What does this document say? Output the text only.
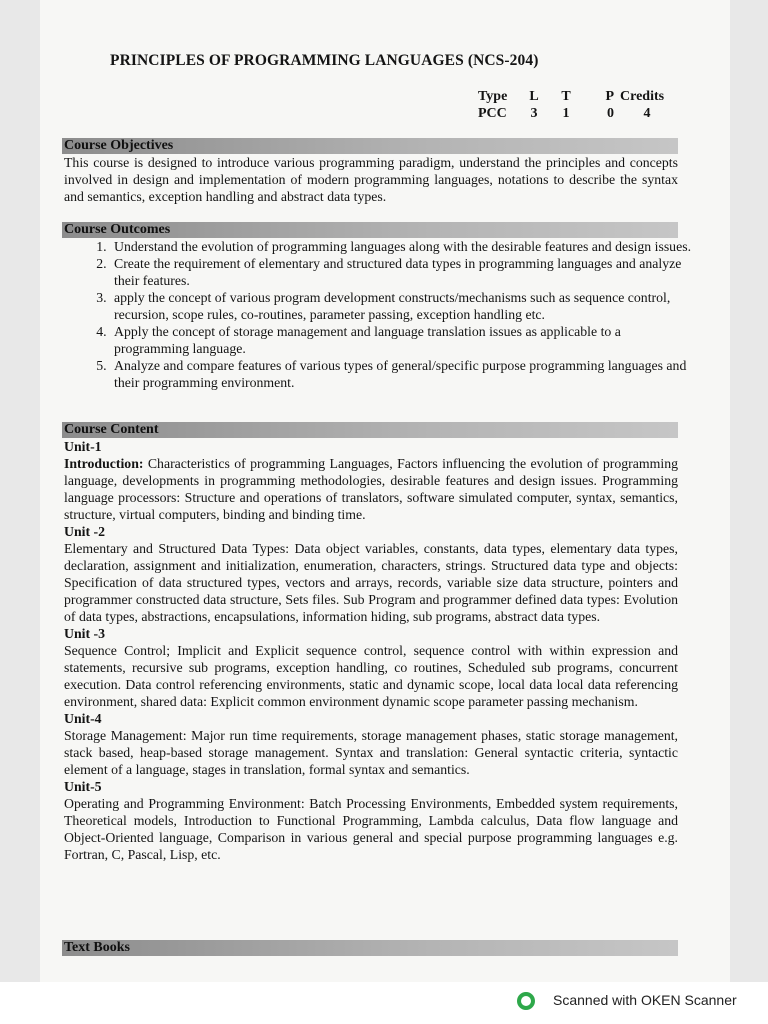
PRINCIPLES OF PROGRAMMING LANGUAGES (NCS-204)
Type	L	T	P	Credits
PCC	3	1	0	4
Course Objectives
This course is designed to introduce various programming paradigm, understand the principles and concepts involved in design and implementation of modern programming languages, notations to describe the syntax and semantics, exception handling and abstract data types.
Course Outcomes
1. Understand the evolution of programming languages along with the desirable features and design issues.
2. Create the requirement of elementary and structured data types in programming languages and analyze their features.
3. apply the concept of various program development constructs/mechanisms such as sequence control, recursion, scope rules, co-routines, parameter passing, exception handling etc.
4. Apply the concept of storage management and language translation issues as applicable to a programming language.
5. Analyze and compare features of various types of general/specific purpose programming languages and their programming environment.
Course Content
Unit-1
Introduction: Characteristics of programming Languages, Factors influencing the evolution of programming language, developments in programming methodologies, desirable features and design issues. Programming language processors: Structure and operations of translators, software simulated computer, syntax, semantics, structure, virtual computers, binding and binding time.
Unit -2
Elementary and Structured Data Types: Data object variables, constants, data types, elementary data types, declaration, assignment and initialization, enumeration, characters, strings. Structured data type and objects: Specification of data structured types, vectors and arrays, records, variable size data structure, pointers and programmer constructed data structure, Sets files. Sub Program and programmer defined data types: Evolution of data types, abstractions, encapsulations, information hiding, sub programs, abstract data types.
Unit -3
Sequence Control; Implicit and Explicit sequence control, sequence control with within expression and statements, recursive sub programs, exception handling, co routines, Scheduled sub programs, concurrent execution. Data control referencing environments, static and dynamic scope, local data local data referencing environment, shared data: Explicit common environment dynamic scope parameter passing mechanism.
Unit-4
Storage Management: Major run time requirements, storage management phases, static storage management, stack based, heap-based storage management. Syntax and translation: General syntactic criteria, syntactic element of a language, stages in translation, formal syntax and semantics.
Unit-5
Operating and Programming Environment: Batch Processing Environments, Embedded system requirements, Theoretical models, Introduction to Functional Programming, Lambda calculus, Data flow language and Object-Oriented language, Comparison in various general and special purpose programming languages e.g. Fortran, C, Pascal, Lisp, etc.
Text Books
Scanned with OKEN Scanner
